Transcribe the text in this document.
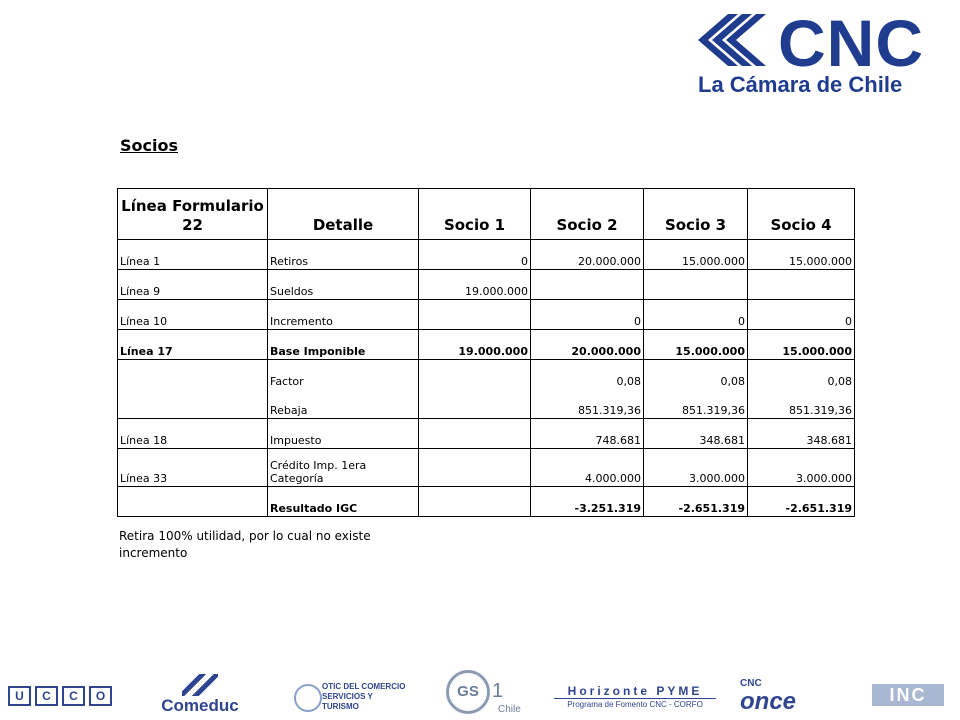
CNC
La Cámara de Chile
Socios
Línea Formulario 22	Detalle	Socio 1	Socio 2	Socio 3	Socio 4
Línea 1	Retiros	0	20.000.000	15.000.000	15.000.000
Línea 9	Sueldos	19.000.000			
Línea 10	Incremento		0	0	0
Línea 17	Base Imponible	19.000.000	20.000.000	15.000.000	15.000.000
	Factor		0,08	0,08	0,08
	Rebaja		851.319,36	851.319,36	851.319,36
Línea 18	Impuesto		748.681	348.681	348.681
Línea 33	Crédito Imp. 1era Categoría		4.000.000	3.000.000	3.000.000
	Resultado IGC		-3.251.319	-2.651.319	-2.651.319
Retira 100% utilidad, por lo cual no existe incremento
U	C	C	O	Comeduc
OTIC DEL COMERCIO SERVICIOS Y TURISMO
GS 1
Chile
Horizonte PYME
Programa de Fomento CNC - CORFO
CNC
once	INC
